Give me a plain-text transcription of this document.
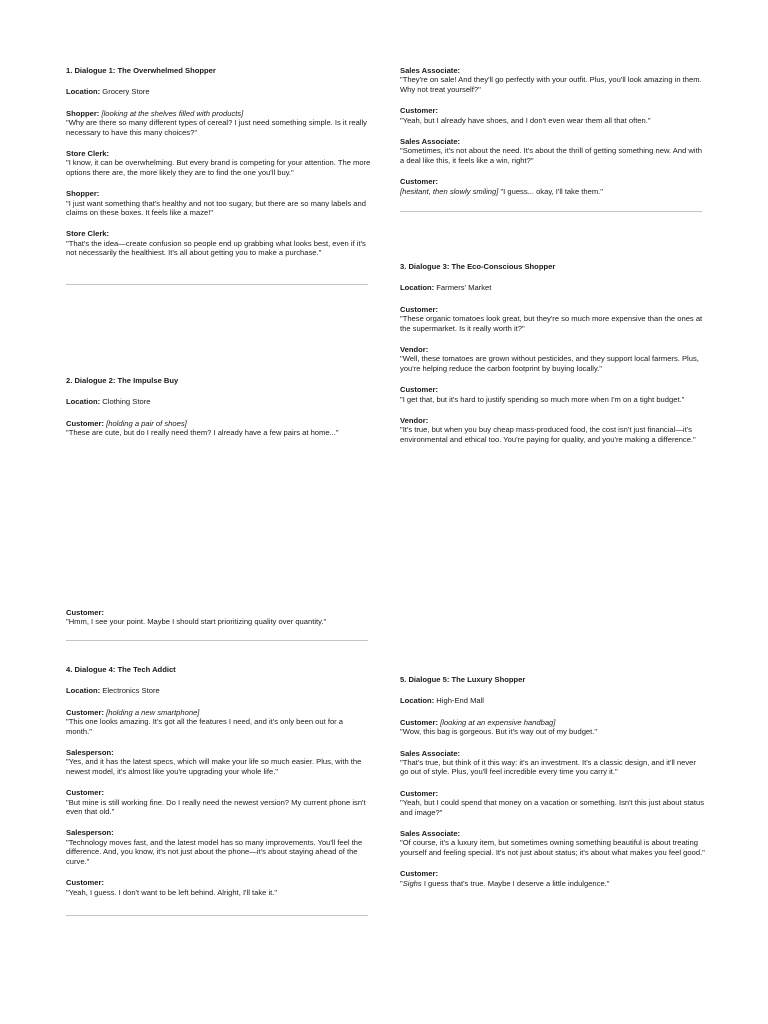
1. Dialogue 1: The Overwhelmed Shopper

Location: Grocery Store

Shopper: [looking at the shelves filled with products]
"Why are there so many different types of cereal? I just need something simple. Is it really necessary to have this many choices?"

Store Clerk:
"I know, it can be overwhelming. But every brand is competing for your attention. The more options there are, the more likely they are to find the one you'll buy."

Shopper:
"I just want something that's healthy and not too sugary, but there are so many labels and claims on these boxes. It feels like a maze!"

Store Clerk:
"That's the idea—create confusion so people end up grabbing what looks best, even if it's not necessarily the healthiest. It's all about getting you to make a purchase."

2. Dialogue 2: The Impulse Buy

Location: Clothing Store

Customer: [holding a pair of shoes]
"These are cute, but do I really need them? I already have a few pairs at home..."

Sales Associate:
"They're on sale! And they'll go perfectly with your outfit. Plus, you'll look amazing in them. Why not treat yourself?"

Customer:
"Yeah, but I already have shoes, and I don't even wear them all that often."

Sales Associate:
"Sometimes, it's not about the need. It's about the thrill of getting something new. And with a deal like this, it feels like a win, right?"

Customer:
[hesitant, then slowly smiling] "I guess... okay, I'll take them."

3. Dialogue 3: The Eco-Conscious Shopper

Location: Farmers' Market

Customer:
"These organic tomatoes look great, but they're so much more expensive than the ones at the supermarket. Is it really worth it?"

Vendor:
"Well, these tomatoes are grown without pesticides, and they support local farmers. Plus, you're helping reduce the carbon footprint by buying locally."

Customer:
"I get that, but it's hard to justify spending so much more when I'm on a tight budget."

Vendor:
"It's true, but when you buy cheap mass-produced food, the cost isn't just financial—it's environmental and ethical too. You're paying for quality, and you're making a difference."

Customer:
"Hmm, I see your point. Maybe I should start prioritizing quality over quantity."

4. Dialogue 4: The Tech Addict

Location: Electronics Store

Customer: [holding a new smartphone]
"This one looks amazing. It's got all the features I need, and it's only been out for a month."

Salesperson:
"Yes, and it has the latest specs, which will make your life so much easier. Plus, with the newest model, it's almost like you're upgrading your whole life."

Customer:
"But mine is still working fine. Do I really need the newest version? My current phone isn't even that old."

Salesperson:
"Technology moves fast, and the latest model has so many improvements. You'll feel the difference. And, you know, it's not just about the phone—it's about staying ahead of the curve."

Customer:
"Yeah, I guess. I don't want to be left behind. Alright, I'll take it."

5. Dialogue 5: The Luxury Shopper

Location: High-End Mall

Customer: [looking at an expensive handbag]
"Wow, this bag is gorgeous. But it's way out of my budget."

Sales Associate:
"That's true, but think of it this way: it's an investment. It's a classic design, and it'll never go out of style. Plus, you'll feel incredible every time you carry it."

Customer:
"Yeah, but I could spend that money on a vacation or something. Isn't this just about status and image?"

Sales Associate:
"Of course, it's a luxury item, but sometimes owning something beautiful is about treating yourself and feeling special. It's not just about status; it's about what makes you feel good."

Customer:
"Sighs I guess that's true. Maybe I deserve a little indulgence."
